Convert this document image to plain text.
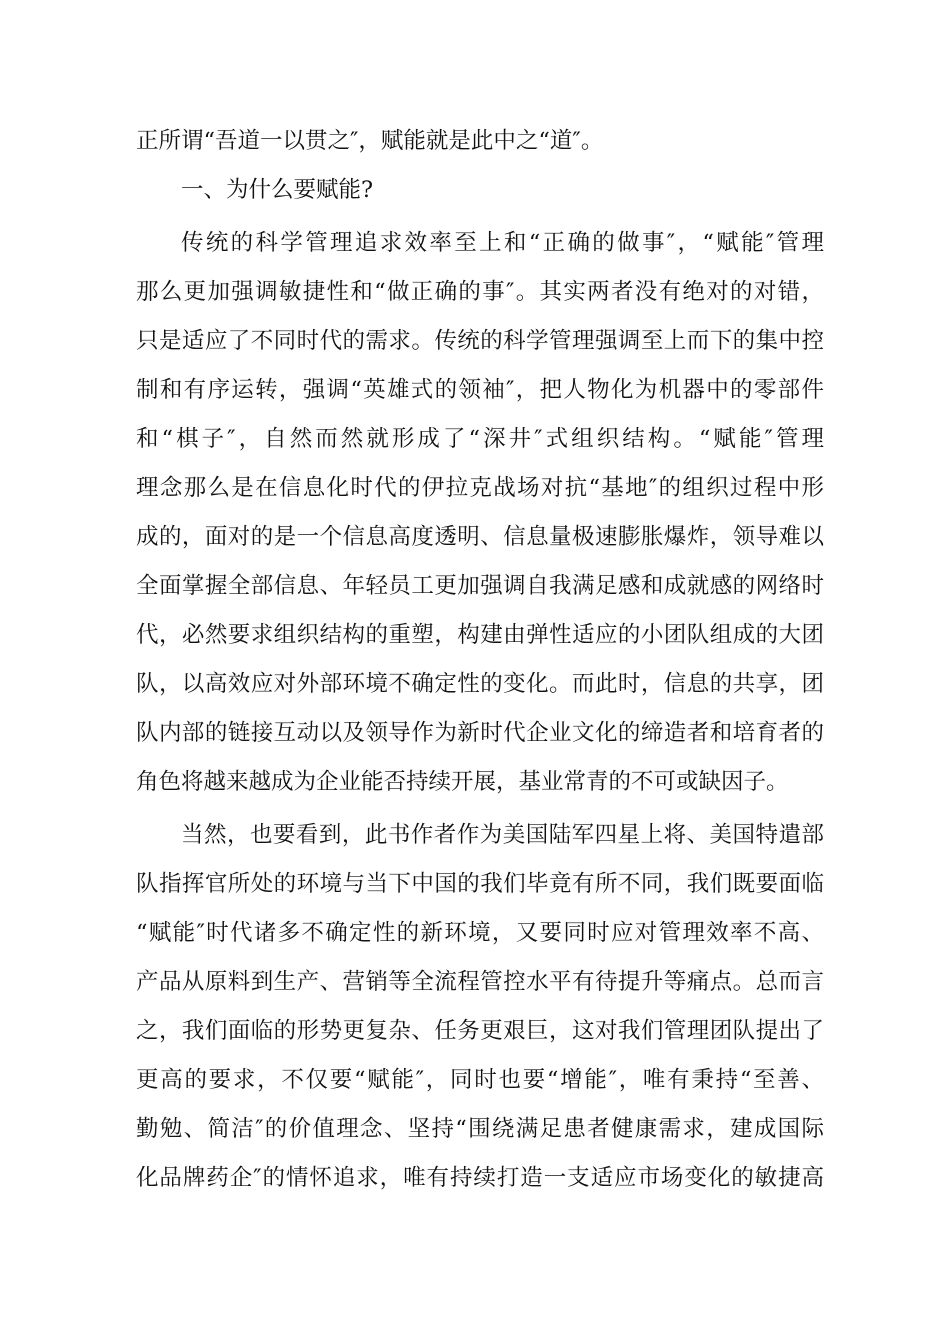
正所谓“吾道一以贯之″，赋能就是此中之“道″。
一、为什么要赋能?
传统的科学管理追求效率至上和“正确的做事″，“赋能″管理
那么更加强调敏捷性和“做正确的事″。其实两者没有绝对的对错，
只是适应了不同时代的需求。传统的科学管理强调至上而下的集中控
制和有序运转，强调“英雄式的领袖″，把人物化为机器中的零部件
和“棋子″，自然而然就形成了“深井″式组织结构。“赋能″管理
理念那么是在信息化时代的伊拉克战场对抗“基地″的组织过程中形
成的，面对的是一个信息高度透明、信息量极速膨胀爆炸，领导难以
全面掌握全部信息、年轻员工更加强调自我满足感和成就感的网络时
代，必然要求组织结构的重塑，构建由弹性适应的小团队组成的大团
队，以高效应对外部环境不确定性的变化。而此时，信息的共享，团
队内部的链接互动以及领导作为新时代企业文化的缔造者和培育者的
角色将越来越成为企业能否持续开展，基业常青的不可或缺因子。
当然，也要看到，此书作者作为美国陆军四星上将、美国特遣部
队指挥官所处的环境与当下中国的我们毕竟有所不同，我们既要面临
“赋能″时代诸多不确定性的新环境，又要同时应对管理效率不高、
产品从原料到生产、营销等全流程管控水平有待提升等痛点。总而言
之，我们面临的形势更复杂、任务更艰巨，这对我们管理团队提出了
更高的要求，不仅要“赋能″，同时也要“增能″，唯有秉持“至善、
勤勉、简洁″的价值理念、坚持“围绕满足患者健康需求，建成国际
化品牌药企″的情怀追求，唯有持续打造一支适应市场变化的敏捷高
